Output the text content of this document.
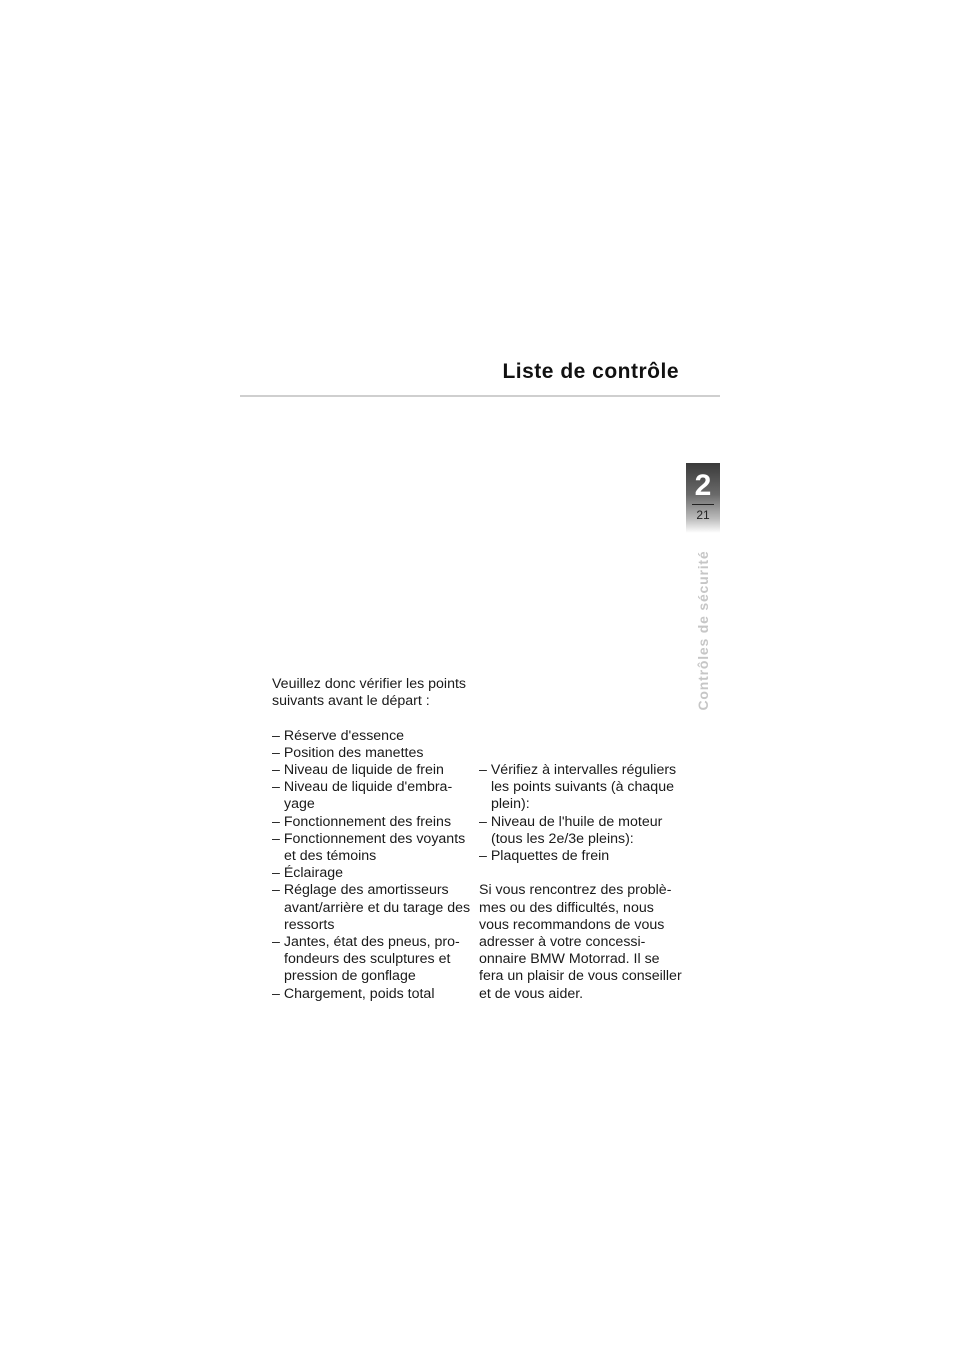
Liste de contrôle
2
21
Contrôles de sécurité

Veuillez donc vérifier les points suivants avant le départ :

– Réserve d'essence
– Position des manettes
– Niveau de liquide de frein
– Niveau de liquide d'embra- yage
– Fonctionnement des freins
– Fonctionnement des voyants et des témoins
– Éclairage
– Réglage des amortisseurs avant/arrière et du tarage des ressorts
– Jantes, état des pneus, pro- fondeurs des sculptures et pression de gonflage
– Chargement, poids total
– Vérifiez à intervalles réguliers les points suivants (à chaque plein):
– Niveau de l'huile de moteur (tous les 2e/3e pleins):
– Plaquettes de frein

Si vous rencontrez des problè- mes ou des difficultés, nous vous recommandons de vous adresser à votre concessi- onnaire BMW Motorrad. Il se fera un plaisir de vous conseiller et de vous aider.
